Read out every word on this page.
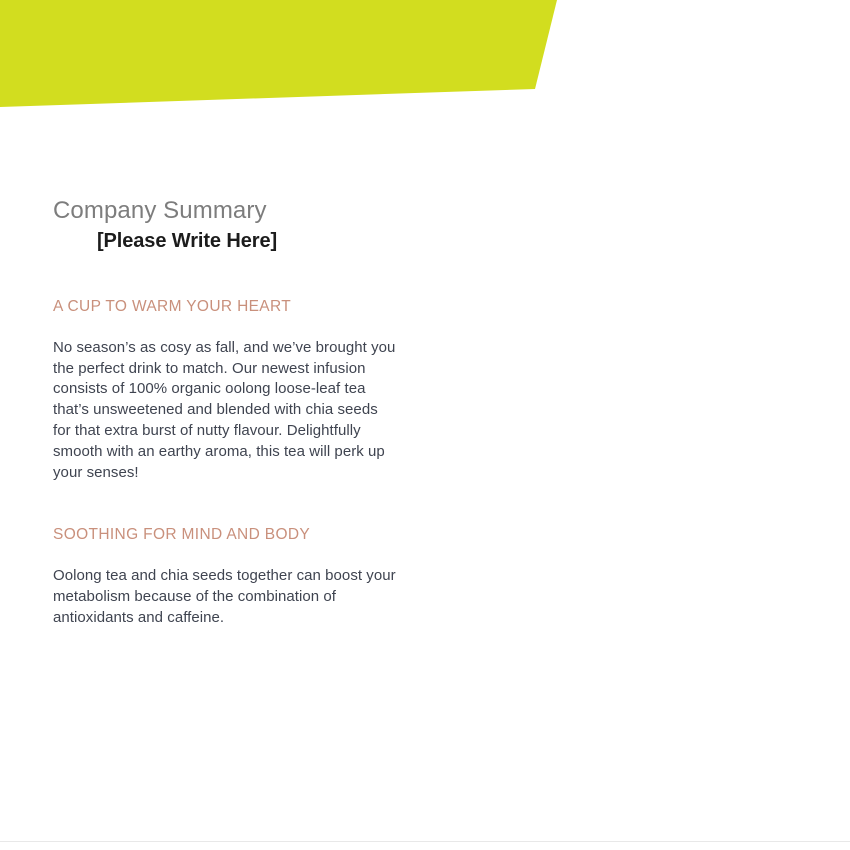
Company Summary
[Please Write Here]
A CUP TO WARM YOUR HEART

No season’s as cosy as fall, and we’ve brought you the perfect drink to match. Our newest infusion consists of 100% organic oolong loose-leaf tea that’s unsweetened and blended with chia seeds for that extra burst of nutty flavour. Delightfully smooth with an earthy aroma, this tea will perk up your senses!

SOOTHING FOR MIND AND BODY

Oolong tea and chia seeds together can boost your metabolism because of the combination of antioxidants and caffeine.
